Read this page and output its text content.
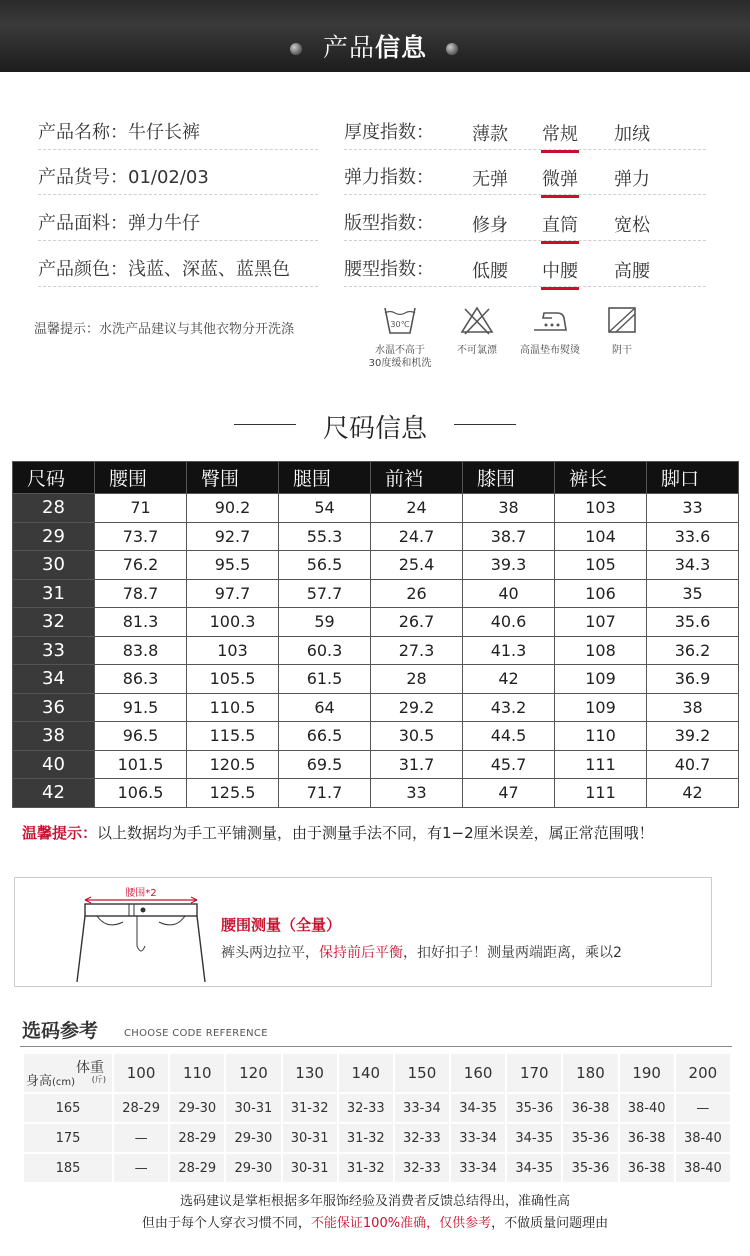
产品信息
产品名称：牛仔长裤
产品货号：01/02/03
产品面料：弹力牛仔
产品颜色：浅蓝、深蓝、蓝黑色
厚度指数： 薄款 常规 加绒
弹力指数： 无弹 微弹 弹力
版型指数： 修身 直筒 宽松
腰型指数： 低腰 中腰 高腰
温馨提示：水洗产品建议与其他衣物分开洗涤	30℃
水温不高于
30度缓和机洗
不可氯漂	高温垫布熨烫	阴干
尺码信息
尺码	腰围	臀围	腿围	前裆	膝围	裤长	脚口
28	71	90.2	54	24	38	103	33
29	73.7	92.7	55.3	24.7	38.7	104	33.6
30	76.2	95.5	56.5	25.4	39.3	105	34.3
31	78.7	97.7	57.7	26	40	106	35
32	81.3	100.3	59	26.7	40.6	107	35.6
33	83.8	103	60.3	27.3	41.3	108	36.2
34	86.3	105.5	61.5	28	42	109	36.9
36	91.5	110.5	64	29.2	43.2	109	38
38	96.5	115.5	66.5	30.5	44.5	110	39.2
40	101.5	120.5	69.5	31.7	45.7	111	40.7
42	106.5	125.5	71.7	33	47	111	42
温馨提示：以上数据均为手工平铺测量，由于测量手法不同，有1−2厘米误差，属正常范围哦！
腰围*2
腰围测量（全量）
裤头两边拉平，保持前后平衡，扣好扣子！测量两端距离，乘以2
选码参考	CHOOSE CODE REFERENCE
体重
(斤)
身高(cm)	100	110	120	130	140	150	160	170	180	190	200
165	28-29	29-30	30-31	31-32	32-33	33-34	34-35	35-36	36-38	38-40	—
175	—	28-29	29-30	30-31	31-32	32-33	33-34	34-35	35-36	36-38	38-40
185	—	28-29	29-30	30-31	31-32	32-33	33-34	34-35	35-36	36-38	38-40
选码建议是掌柜根据多年服饰经验及消费者反馈总结得出，准确性高
但由于每个人穿衣习惯不同，不能保证100%准确，仅供参考，不做质量问题理由
